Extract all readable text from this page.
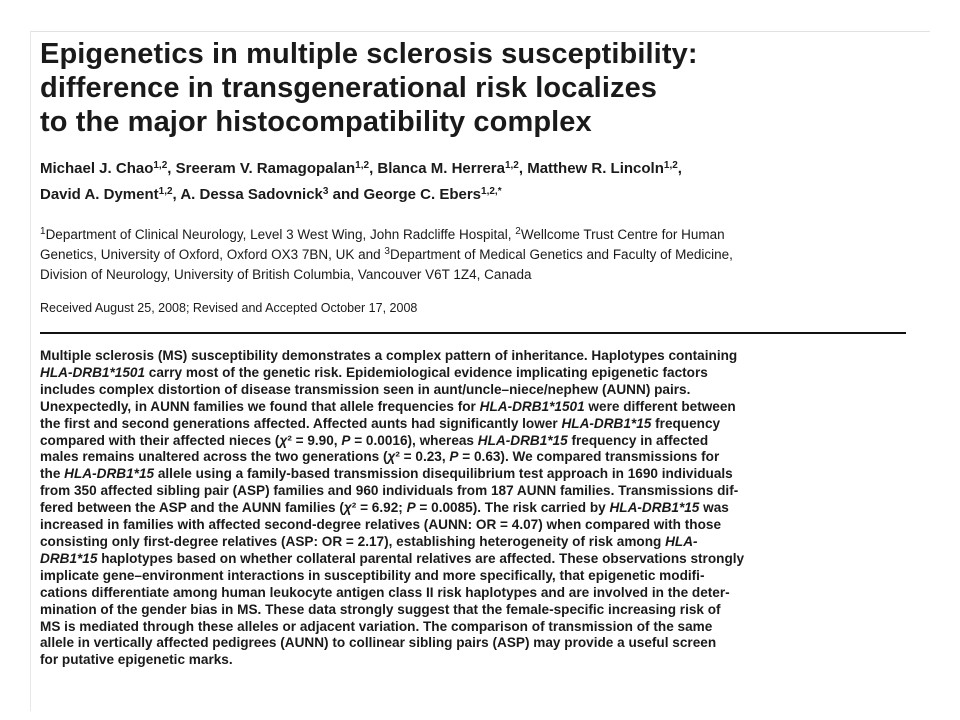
Epigenetics in multiple sclerosis susceptibility:
difference in transgenerational risk localizes
to the major histocompatibility complex

Michael J. Chao$^{1,2}$, Sreeram V. Ramagopalan$^{1,2}$, Blanca M. Herrera$^{1,2}$, Matthew R. Lincoln$^{1,2}$,
David A. Dyment$^{1,2}$, A. Dessa Sadovnick$^3$ and George C. Ebers$^{1,2,*}$

$^1$Department of Clinical Neurology, Level 3 West Wing, John Radcliffe Hospital, $^2$Wellcome Trust Centre for Human
Genetics, University of Oxford, Oxford OX3 7BN, UK and $^3$Department of Medical Genetics and Faculty of Medicine,
Division of Neurology, University of British Columbia, Vancouver V6T 1Z4, Canada

Received August 25, 2008; Revised and Accepted October 17, 2008

Multiple sclerosis (MS) susceptibility demonstrates a complex pattern of inheritance. Haplotypes containing
HLA-DRB1*1501 carry most of the genetic risk. Epidemiological evidence implicating epigenetic factors
includes complex distortion of disease transmission seen in aunt/uncle–niece/nephew (AUNN) pairs.
Unexpectedly, in AUNN families we found that allele frequencies for HLA-DRB1*1501 were different between
the first and second generations affected. Affected aunts had significantly lower HLA-DRB1*15 frequency
compared with their affected nieces (χ² = 9.90, P = 0.0016), whereas HLA-DRB1*15 frequency in affected
males remains unaltered across the two generations (χ² = 0.23, P = 0.63). We compared transmissions for
the HLA-DRB1*15 allele using a family-based transmission disequilibrium test approach in 1690 individuals
from 350 affected sibling pair (ASP) families and 960 individuals from 187 AUNN families. Transmissions dif-
fered between the ASP and the AUNN families (χ² = 6.92; P = 0.0085). The risk carried by HLA-DRB1*15 was
increased in families with affected second-degree relatives (AUNN: OR = 4.07) when compared with those
consisting only first-degree relatives (ASP: OR = 2.17), establishing heterogeneity of risk among HLA-
DRB1*15 haplotypes based on whether collateral parental relatives are affected. These observations strongly
implicate gene–environment interactions in susceptibility and more specifically, that epigenetic modifi-
cations differentiate among human leukocyte antigen class II risk haplotypes and are involved in the deter-
mination of the gender bias in MS. These data strongly suggest that the female-specific increasing risk of
MS is mediated through these alleles or adjacent variation. The comparison of transmission of the same
allele in vertically affected pedigrees (AUNN) to collinear sibling pairs (ASP) may provide a useful screen
for putative epigenetic marks.
